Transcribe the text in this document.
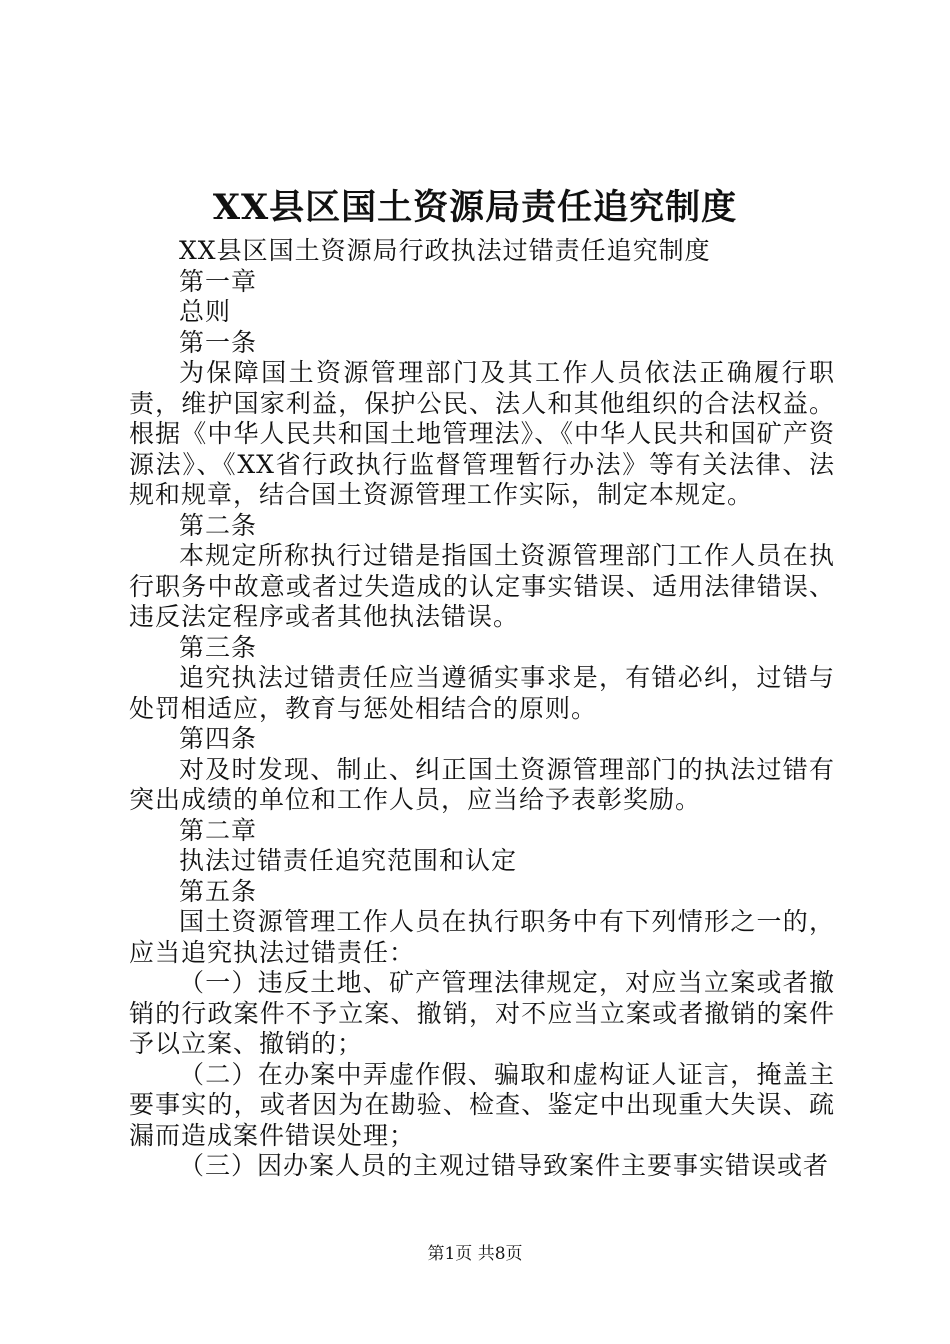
XX县区国土资源局责任追究制度

XX县区国土资源局行政执法过错责任追究制度

第一章

总则

第一条

为保障国土资源管理部门及其工作人员依法正确履行职责，维护国家利益，保护公民、法人和其他组织的合法权益。根据《中华人民共和国土地管理法》、《中华人民共和国矿产资源法》、《XX省行政执行监督管理暂行办法》等有关法律、法规和规章，结合国土资源管理工作实际，制定本规定。

第二条

本规定所称执行过错是指国土资源管理部门工作人员在执行职务中故意或者过失造成的认定事实错误、适用法律错误、违反法定程序或者其他执法错误。

第三条

追究执法过错责任应当遵循实事求是，有错必纠，过错与处罚相适应，教育与惩处相结合的原则。

第四条

对及时发现、制止、纠正国土资源管理部门的执法过错有突出成绩的单位和工作人员，应当给予表彰奖励。

第二章

执法过错责任追究范围和认定

第五条

国土资源管理工作人员在执行职务中有下列情形之一的，应当追究执法过错责任：

（一）违反土地、矿产管理法律规定，对应当立案或者撤销的行政案件不予立案、撤销，对不应当立案或者撤销的案件予以立案、撤销的；

（二）在办案中弄虚作假、骗取和虚构证人证言，掩盖主要事实的，或者因为在勘验、检查、鉴定中出现重大失误、疏漏而造成案件错误处理；

（三）因办案人员的主观过错导致案件主要事实错误或者

第1页 共8页
